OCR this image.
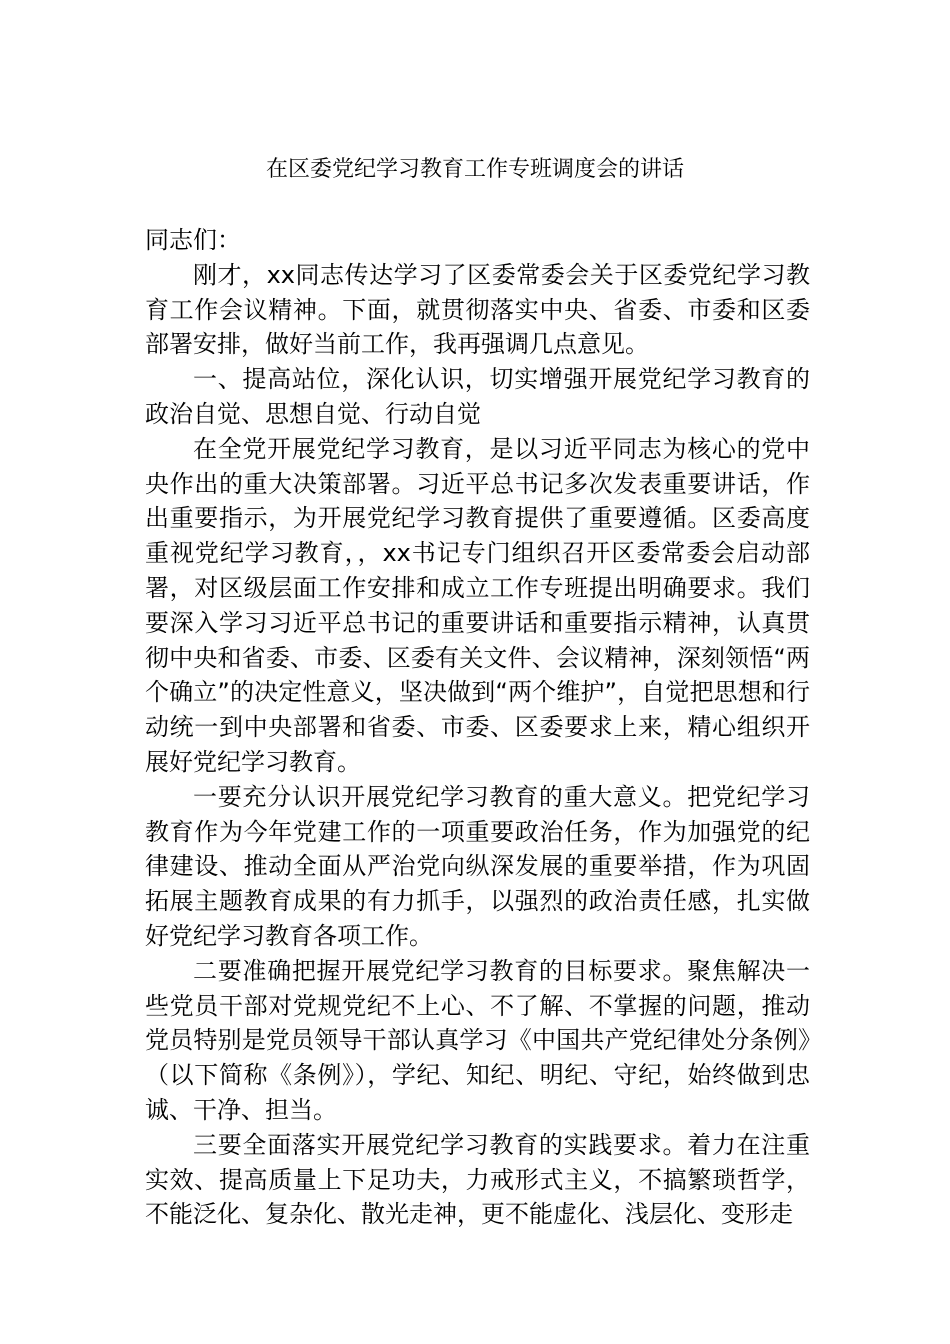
在区委党纪学习教育工作专班调度会的讲话

同志们：

刚才，xx同志传达学习了区委常委会关于区委党纪学习教育工作会议精神。下面，就贯彻落实中央、省委、市委和区委部署安排，做好当前工作，我再强调几点意见。

一、提高站位，深化认识，切实增强开展党纪学习教育的政治自觉、思想自觉、行动自觉

在全党开展党纪学习教育，是以习近平同志为核心的党中央作出的重大决策部署。习近平总书记多次发表重要讲话，作出重要指示，为开展党纪学习教育提供了重要遵循。区委高度重视党纪学习教育，，xx书记专门组织召开区委常委会启动部署，对区级层面工作安排和成立工作专班提出明确要求。我们要深入学习习近平总书记的重要讲话和重要指示精神，认真贯彻中央和省委、市委、区委有关文件、会议精神，深刻领悟“两个确立”的决定性意义，坚决做到“两个维护”，自觉把思想和行动统一到中央部署和省委、市委、区委要求上来，精心组织开展好党纪学习教育。

一要充分认识开展党纪学习教育的重大意义。把党纪学习教育作为今年党建工作的一项重要政治任务，作为加强党的纪律建设、推动全面从严治党向纵深发展的重要举措，作为巩固拓展主题教育成果的有力抓手，以强烈的政治责任感，扎实做好党纪学习教育各项工作。

二要准确把握开展党纪学习教育的目标要求。聚焦解决一些党员干部对党规党纪不上心、不了解、不掌握的问题，推动党员特别是党员领导干部认真学习《中国共产党纪律处分条例》（以下简称《条例》），学纪、知纪、明纪、守纪，始终做到忠诚、干净、担当。

三要全面落实开展党纪学习教育的实践要求。着力在注重实效、提高质量上下足功夫，力戒形式主义，不搞繁琐哲学，不能泛化、复杂化、散光走神，更不能虚化、浅层化、变形走
